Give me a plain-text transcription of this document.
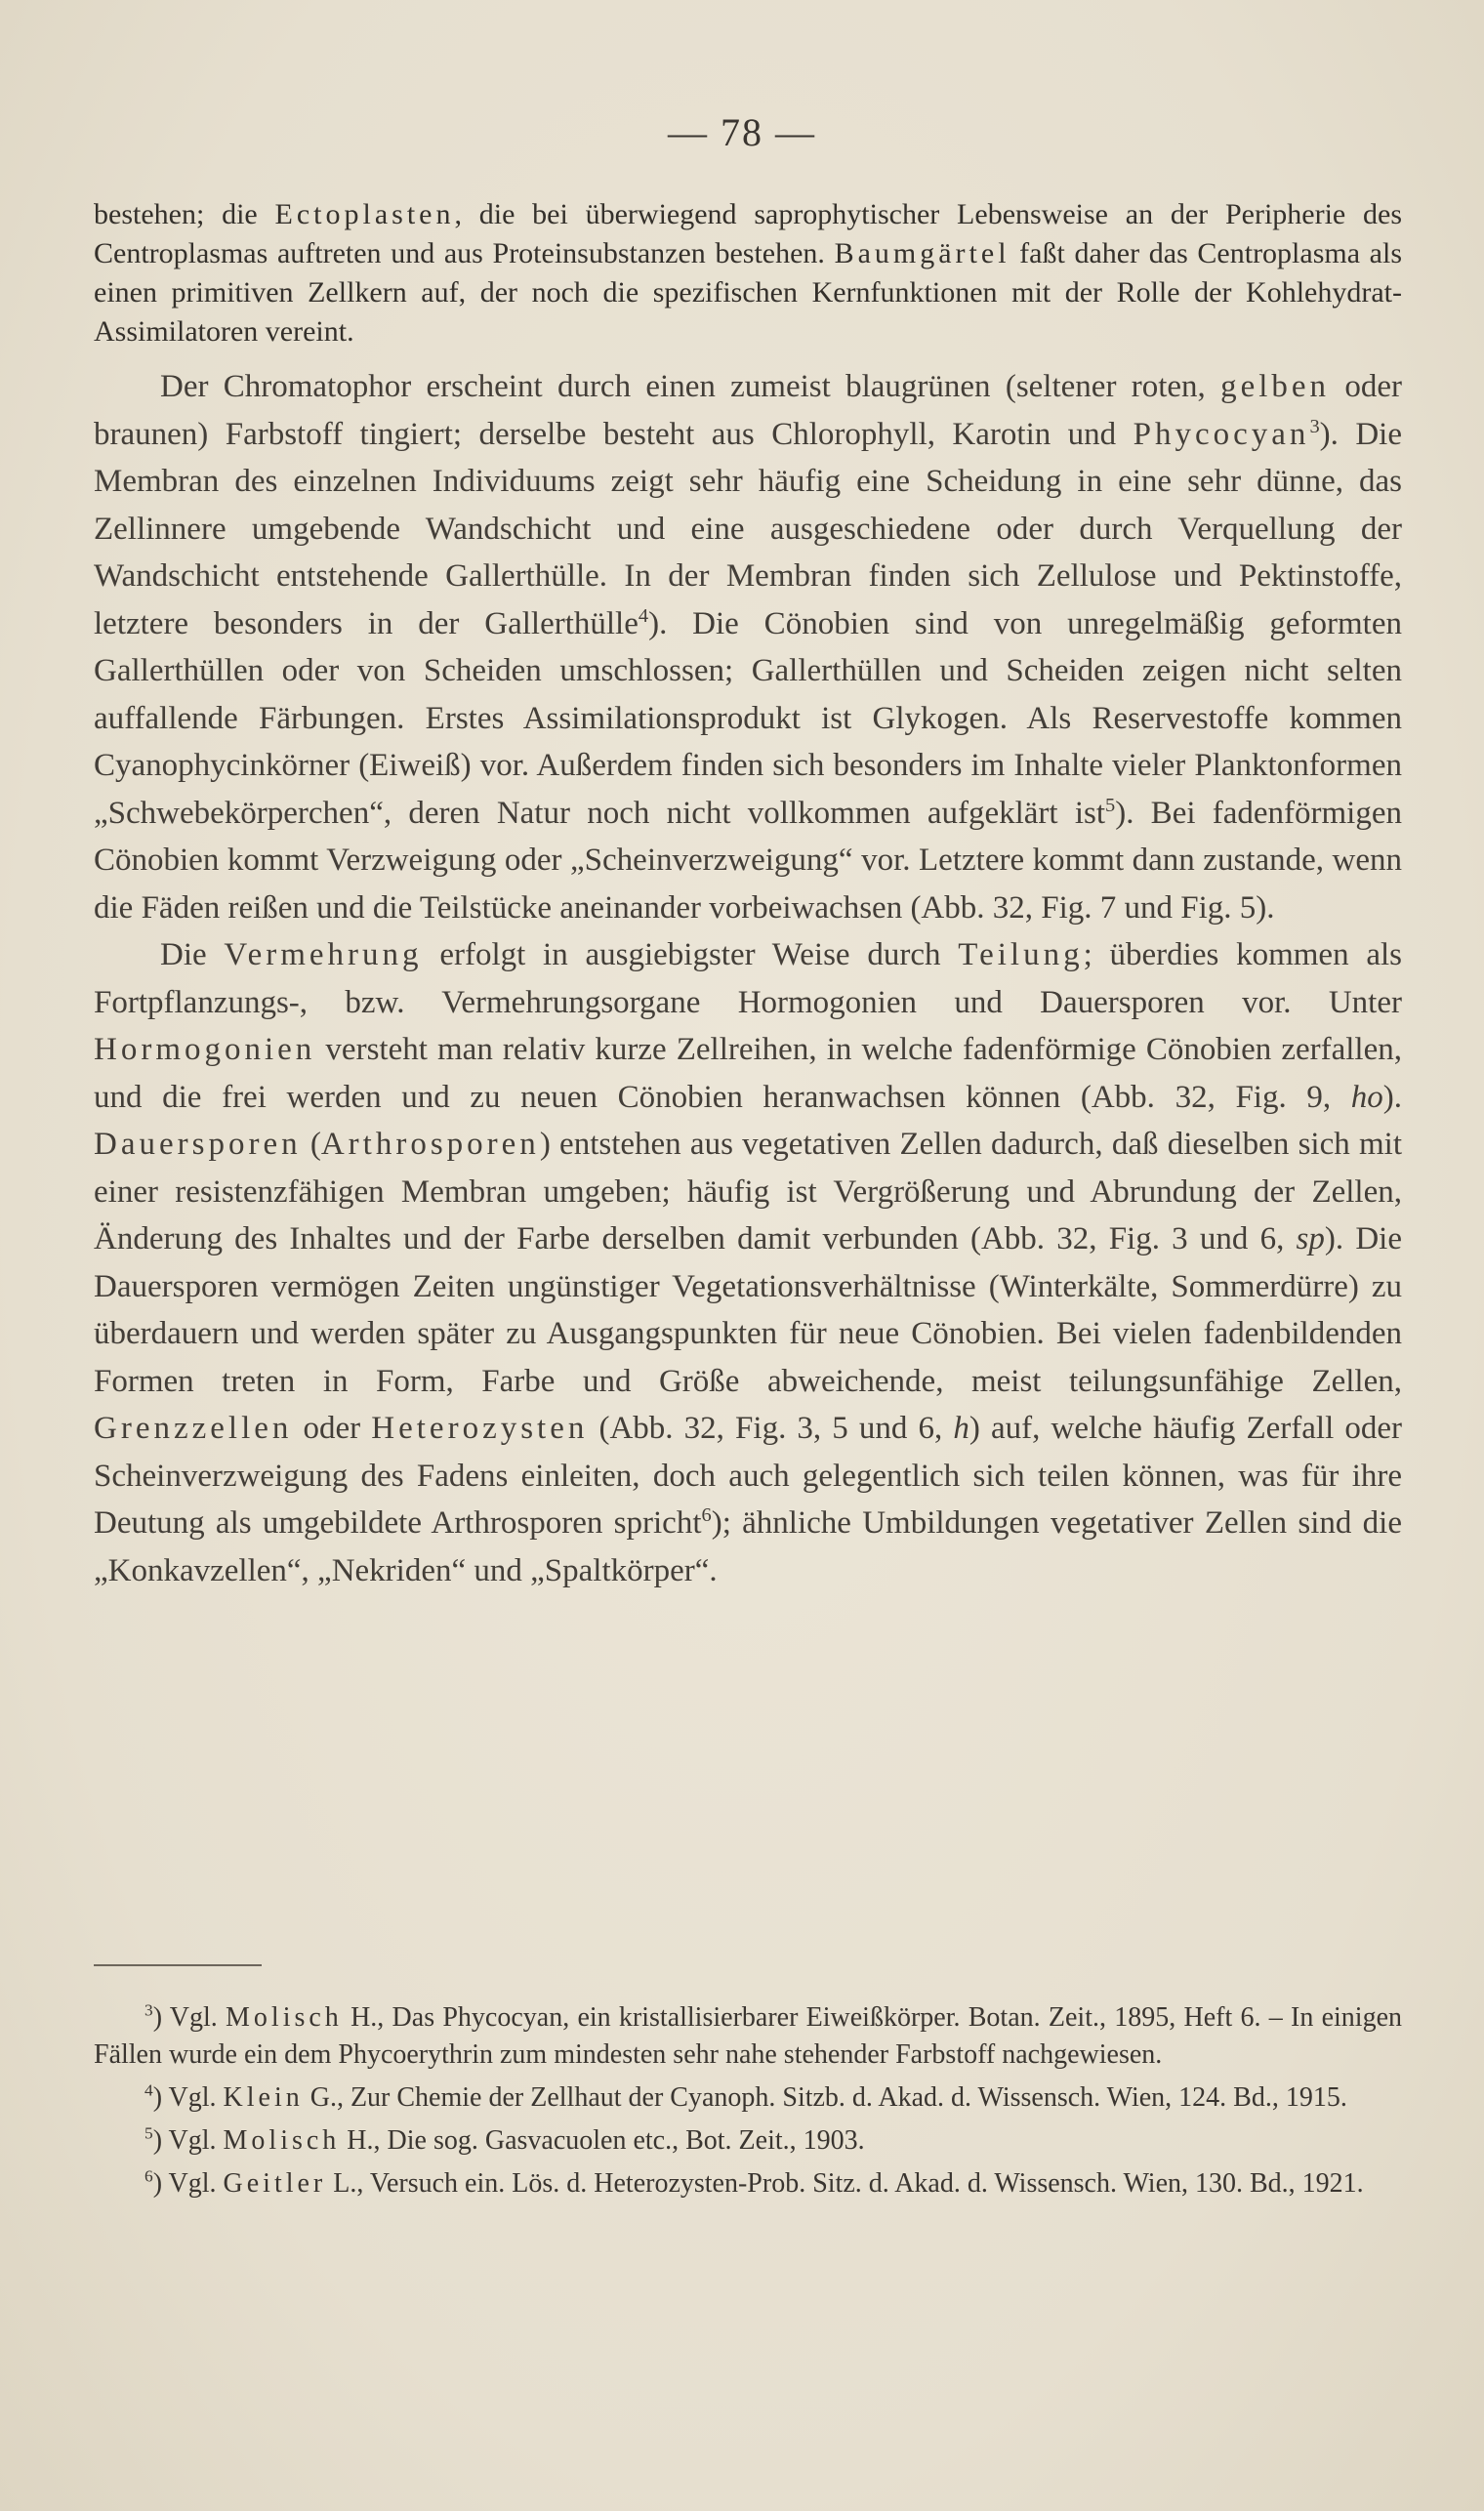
— 78 —

bestehen; die Ectoplasten, die bei überwiegend saprophytischer Lebensweise an der Peripherie des Centroplasmas auftreten und aus Proteinsubstanzen bestehen. Baumgärtel faßt daher das Centroplasma als einen primitiven Zellkern auf, der noch die spezifischen Kernfunktionen mit der Rolle der Kohlehydrat-Assimilatoren vereint.

Der Chromatophor erscheint durch einen zumeist blaugrünen (seltener roten, gelben oder braunen) Farbstoff tingiert; derselbe besteht aus Chlorophyll, Karotin und Phycocyan$^3$). Die Membran des einzelnen Individuums zeigt sehr häufig eine Scheidung in eine sehr dünne, das Zellinnere umgebende Wandschicht und eine ausgeschiedene oder durch Verquellung der Wandschicht entstehende Gallerthülle. In der Membran finden sich Zellulose und Pektinstoffe, letztere besonders in der Gallerthülle$^4$). Die Cönobien sind von unregelmäßig geformten Gallerthüllen oder von Scheiden umschlossen; Gallerthüllen und Scheiden zeigen nicht selten auffallende Färbungen. Erstes Assimilationsprodukt ist Glykogen. Als Reservestoffe kommen Cyanophycinkörner (Eiweiß) vor. Außerdem finden sich besonders im Inhalte vieler Planktonformen „Schwebekörperchen“, deren Natur noch nicht vollkommen aufgeklärt ist$^5$). Bei fadenförmigen Cönobien kommt Verzweigung oder „Scheinverzweigung“ vor. Letztere kommt dann zustande, wenn die Fäden reißen und die Teilstücke aneinander vorbeiwachsen (Abb. 32, Fig. 7 und Fig. 5).

Die Vermehrung erfolgt in ausgiebigster Weise durch Teilung; überdies kommen als Fortpflanzungs-, bzw. Vermehrungsorgane Hormogonien und Dauersporen vor. Unter Hormogonien versteht man relativ kurze Zellreihen, in welche fadenförmige Cönobien zerfallen, und die frei werden und zu neuen Cönobien heranwachsen können (Abb. 32, Fig. 9, ho). Dauersporen (Arthrosporen) entstehen aus vegetativen Zellen dadurch, daß dieselben sich mit einer resistenzfähigen Membran umgeben; häufig ist Vergrößerung und Abrundung der Zellen, Änderung des Inhaltes und der Farbe derselben damit verbunden (Abb. 32, Fig. 3 und 6, sp). Die Dauersporen vermögen Zeiten ungünstiger Vegetationsverhältnisse (Winterkälte, Sommerdürre) zu überdauern und werden später zu Ausgangspunkten für neue Cönobien. Bei vielen fadenbildenden Formen treten in Form, Farbe und Größe abweichende, meist teilungsunfähige Zellen, Grenzzellen oder Heterozysten (Abb. 32, Fig. 3, 5 und 6, h) auf, welche häufig Zerfall oder Scheinverzweigung des Fadens einleiten, doch auch gelegentlich sich teilen können, was für ihre Deutung als umgebildete Arthrosporen spricht$^6$); ähnliche Umbildungen vegetativer Zellen sind die „Konkavzellen“, „Nekriden“ und „Spaltkörper“.

$^3$) Vgl. Molisch H., Das Phycocyan, ein kristallisierbarer Eiweißkörper. Botan. Zeit., 1895, Heft 6. – In einigen Fällen wurde ein dem Phycoerythrin zum mindesten sehr nahe stehender Farbstoff nachgewiesen.

$^4$) Vgl. Klein G., Zur Chemie der Zellhaut der Cyanoph. Sitzb. d. Akad. d. Wissensch. Wien, 124. Bd., 1915.

$^5$) Vgl. Molisch H., Die sog. Gasvacuolen etc., Bot. Zeit., 1903.

$^6$) Vgl. Geitler L., Versuch ein. Lös. d. Heterozysten-Prob. Sitz. d. Akad. d. Wissensch. Wien, 130. Bd., 1921.
